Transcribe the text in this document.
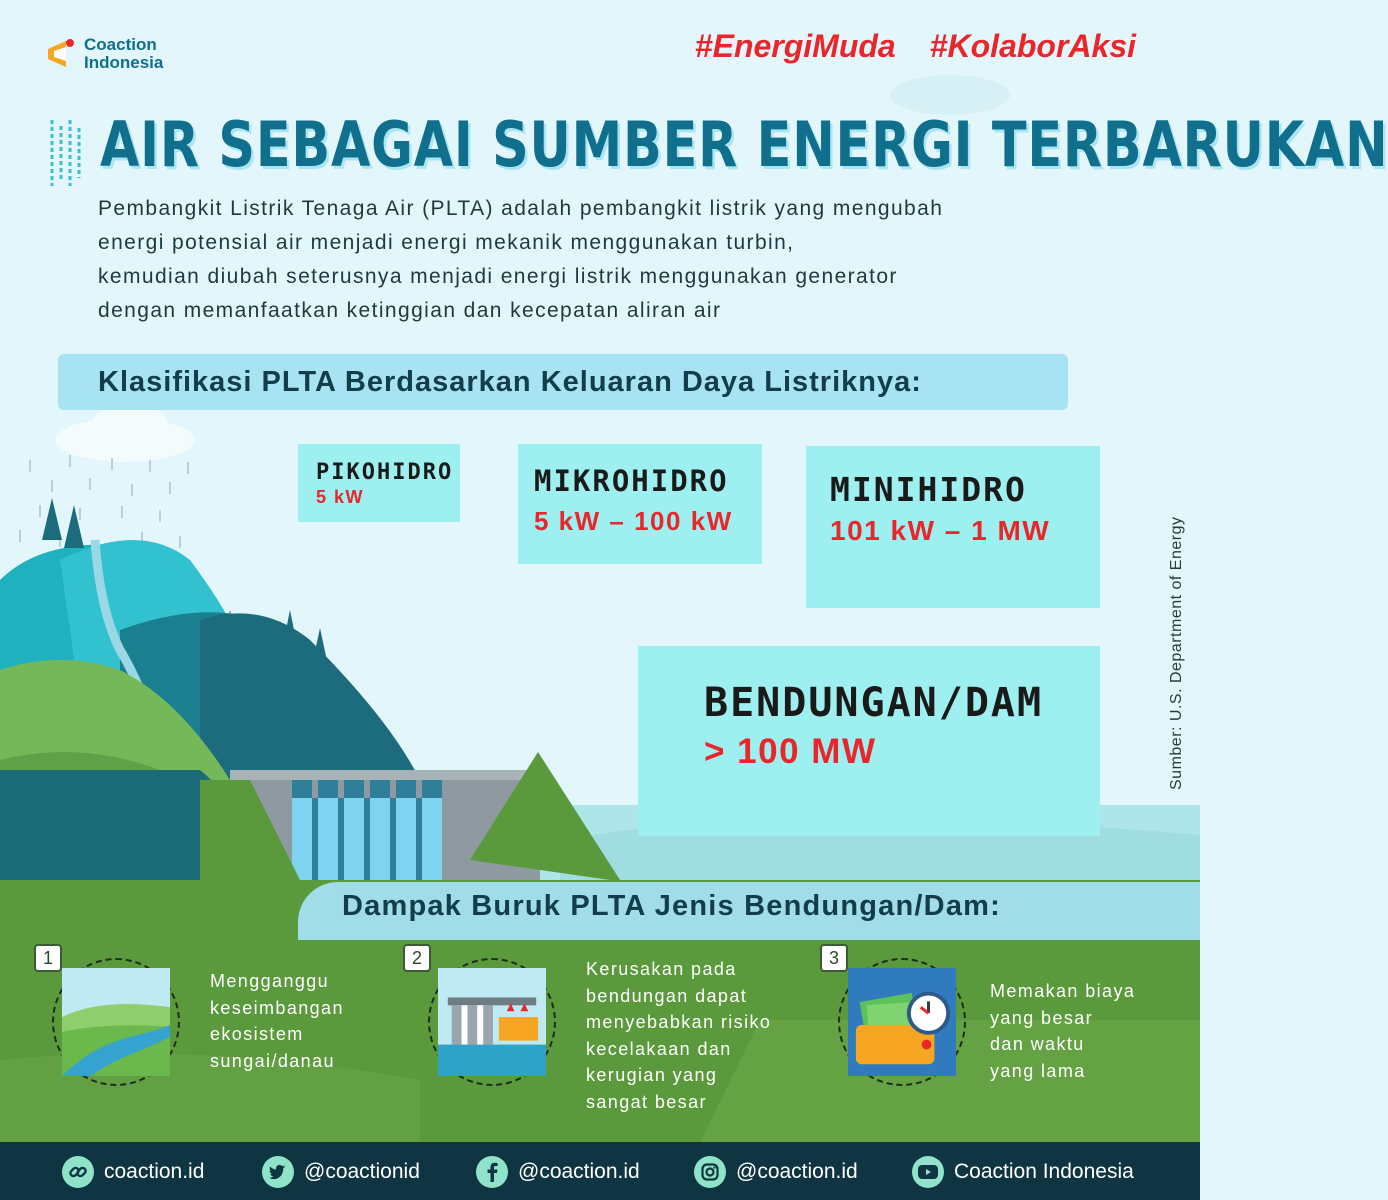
Coaction
Indonesia	#EnergiMuda #KolaborAksi
AIR SEBAGAI SUMBER ENERGI TERBARUKAN
Pembangkit Listrik Tenaga Air (PLTA) adalah pembangkit listrik yang mengubah
energi potensial air menjadi energi mekanik menggunakan turbin,
kemudian diubah seterusnya menjadi energi listrik menggunakan generator
dengan memanfaatkan ketinggian dan kecepatan aliran air
Klasifikasi PLTA Berdasarkan Keluaran Daya Listriknya:
PIKOHIDRO
5 kW	MIKROHIDRO
5 kW – 100 kW
MINIHIDRO
101 kW – 1 MW
BENDUNGAN/DAM
> 100 MW	Sumber: U.S. Department of Energy
Dampak Buruk PLTA Jenis Bendungan/Dam:
1
Mengganggu
keseimbangan
ekosistem
sungai/danau
2
Kerusakan pada
bendungan dapat
menyebabkan risiko
kecelakaan dan
kerugian yang
sangat besar
3
Memakan biaya
yang besar
dan waktu
yang lama
coaction.id	@coactionid	@coaction.id	@coaction.id	Coaction Indonesia
